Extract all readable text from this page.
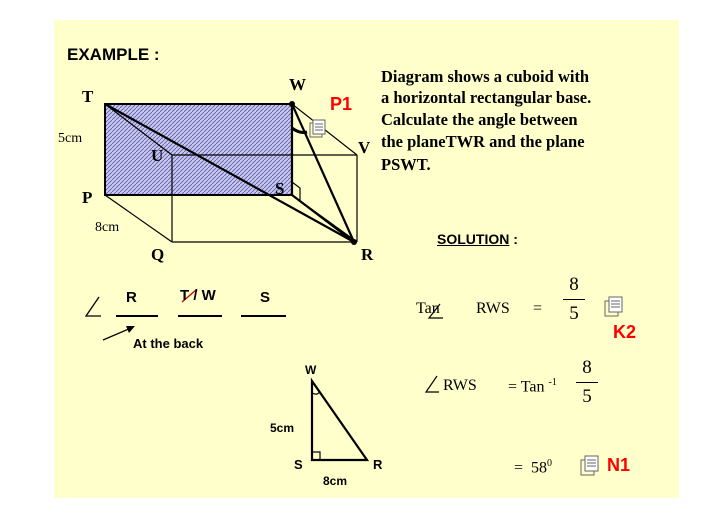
T
W
U	V
S
P
Q	R
5cm
8cm
EXAMPLE :
P1
Diagram shows a cuboid with
a horizontal rectangular base.
Calculate the angle between
the planeTWR and the plane
PSWT.
SOLUTION :
R	T / W	S
At the back
W
5cm
S	R
8cm
Tan RWS =
8
5
K2
RWS = Tan $^{-1}$
8
5
= $58^0$	N1
